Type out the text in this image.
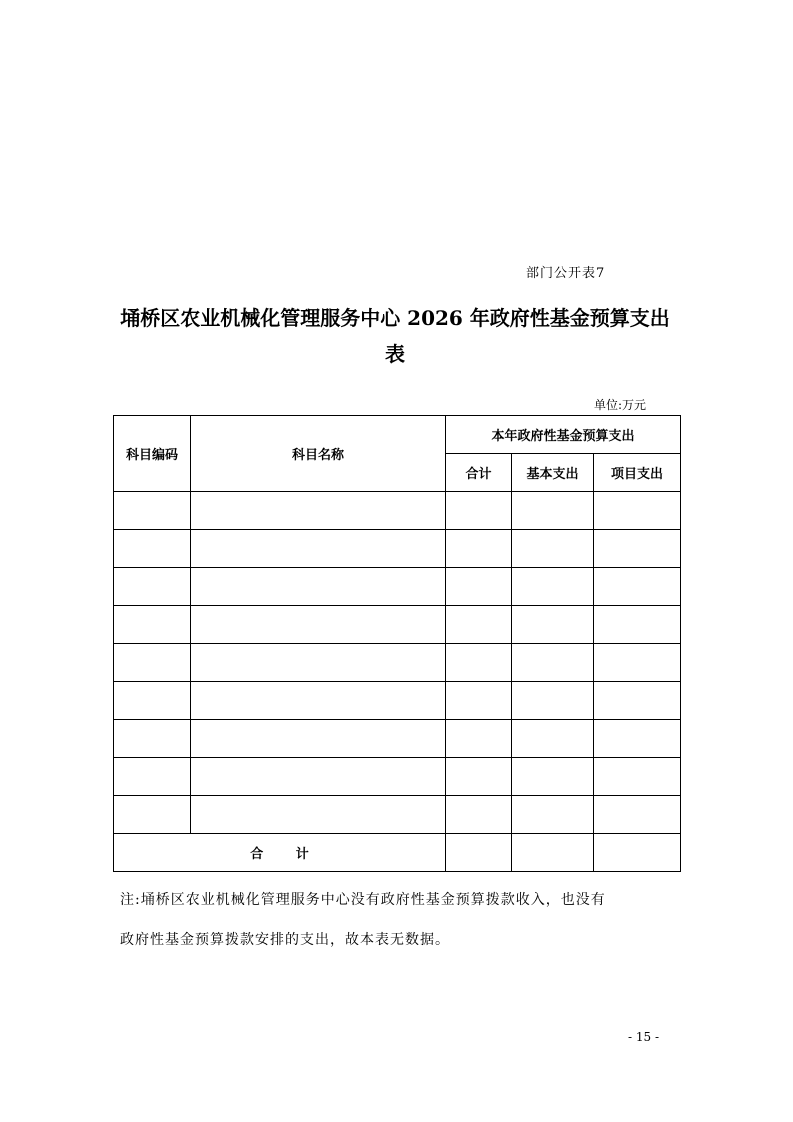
部门公开表7
埇桥区农业机械化管理服务中心 2026 年政府性基金预算支出
表
单位:万元
科目编码	科目名称	本年政府性基金预算支出		
		合计	基本支出	项目支出

合 计				

注:埇桥区农业机械化管理服务中心没有政府性基金预算拨款收入，也没有
政府性基金预算拨款安排的支出，故本表无数据。

- 15 -
